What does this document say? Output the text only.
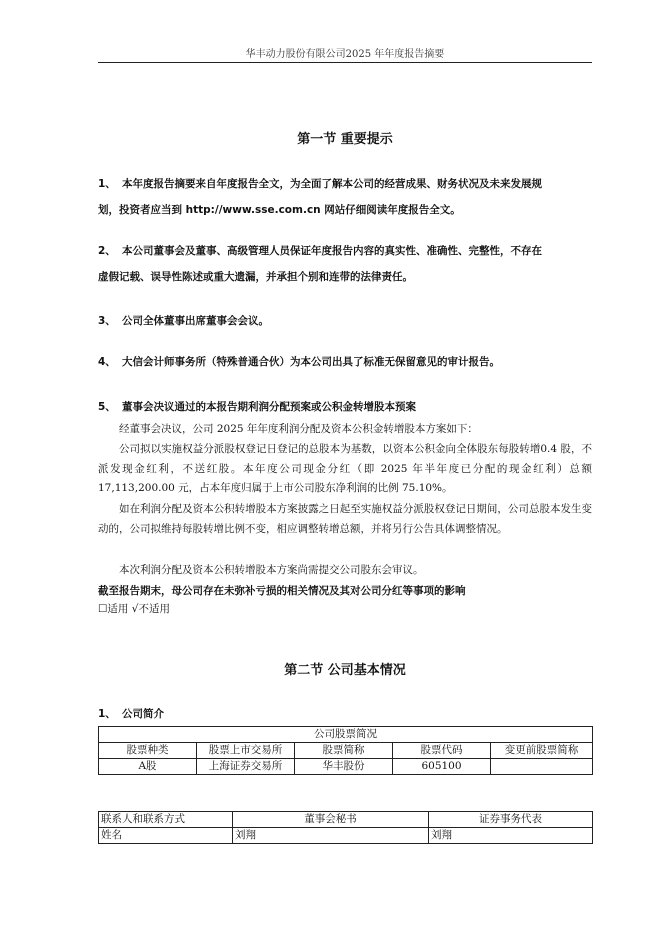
华丰动力股份有限公司2025 年年度报告摘要
第一节 重要提示
1、 本年度报告摘要来自年度报告全文，为全面了解本公司的经营成果、财务状况及未来发展规
划，投资者应当到 http://www.sse.com.cn 网站仔细阅读年度报告全文。
2、 本公司董事会及董事、高级管理人员保证年度报告内容的真实性、准确性、完整性，不存在
虚假记载、误导性陈述或重大遗漏，并承担个别和连带的法律责任。
3、 公司全体董事出席董事会会议。
4、 大信会计师事务所（特殊普通合伙）为本公司出具了标准无保留意见的审计报告。
5、 董事会决议通过的本报告期利润分配预案或公积金转增股本预案
经董事会决议，公司 2025 年年度利润分配及资本公积金转增股本方案如下：
公司拟以实施权益分派股权登记日登记的总股本为基数，以资本公积金向全体股东每股转增0.4 股，不派发现金红利，不送红股。本年度公司现金分红（即 2025 年半年度已分配的现金红利）总额 17,113,200.00 元，占本年度归属于上市公司股东净利润的比例 75.10%。
如在利润分配及资本公积转增股本方案披露之日起至实施权益分派股权登记日期间，公司总股本发生变动的，公司拟维持每股转增比例不变，相应调整转增总额，并将另行公告具体调整情况。
本次利润分配及资本公积转增股本方案尚需提交公司股东会审议。
截至报告期末，母公司存在未弥补亏损的相关情况及其对公司分红等事项的影响
☐适用 √不适用
第二节 公司基本情况
1、 公司简介
公司股票简况				
股票种类	股票上市交易所	股票简称	股票代码	变更前股票简称
A股	上海证券交易所	华丰股份	605100	
联系人和联系方式	董事会秘书	证券事务代表
姓名	刘翔	刘翔
